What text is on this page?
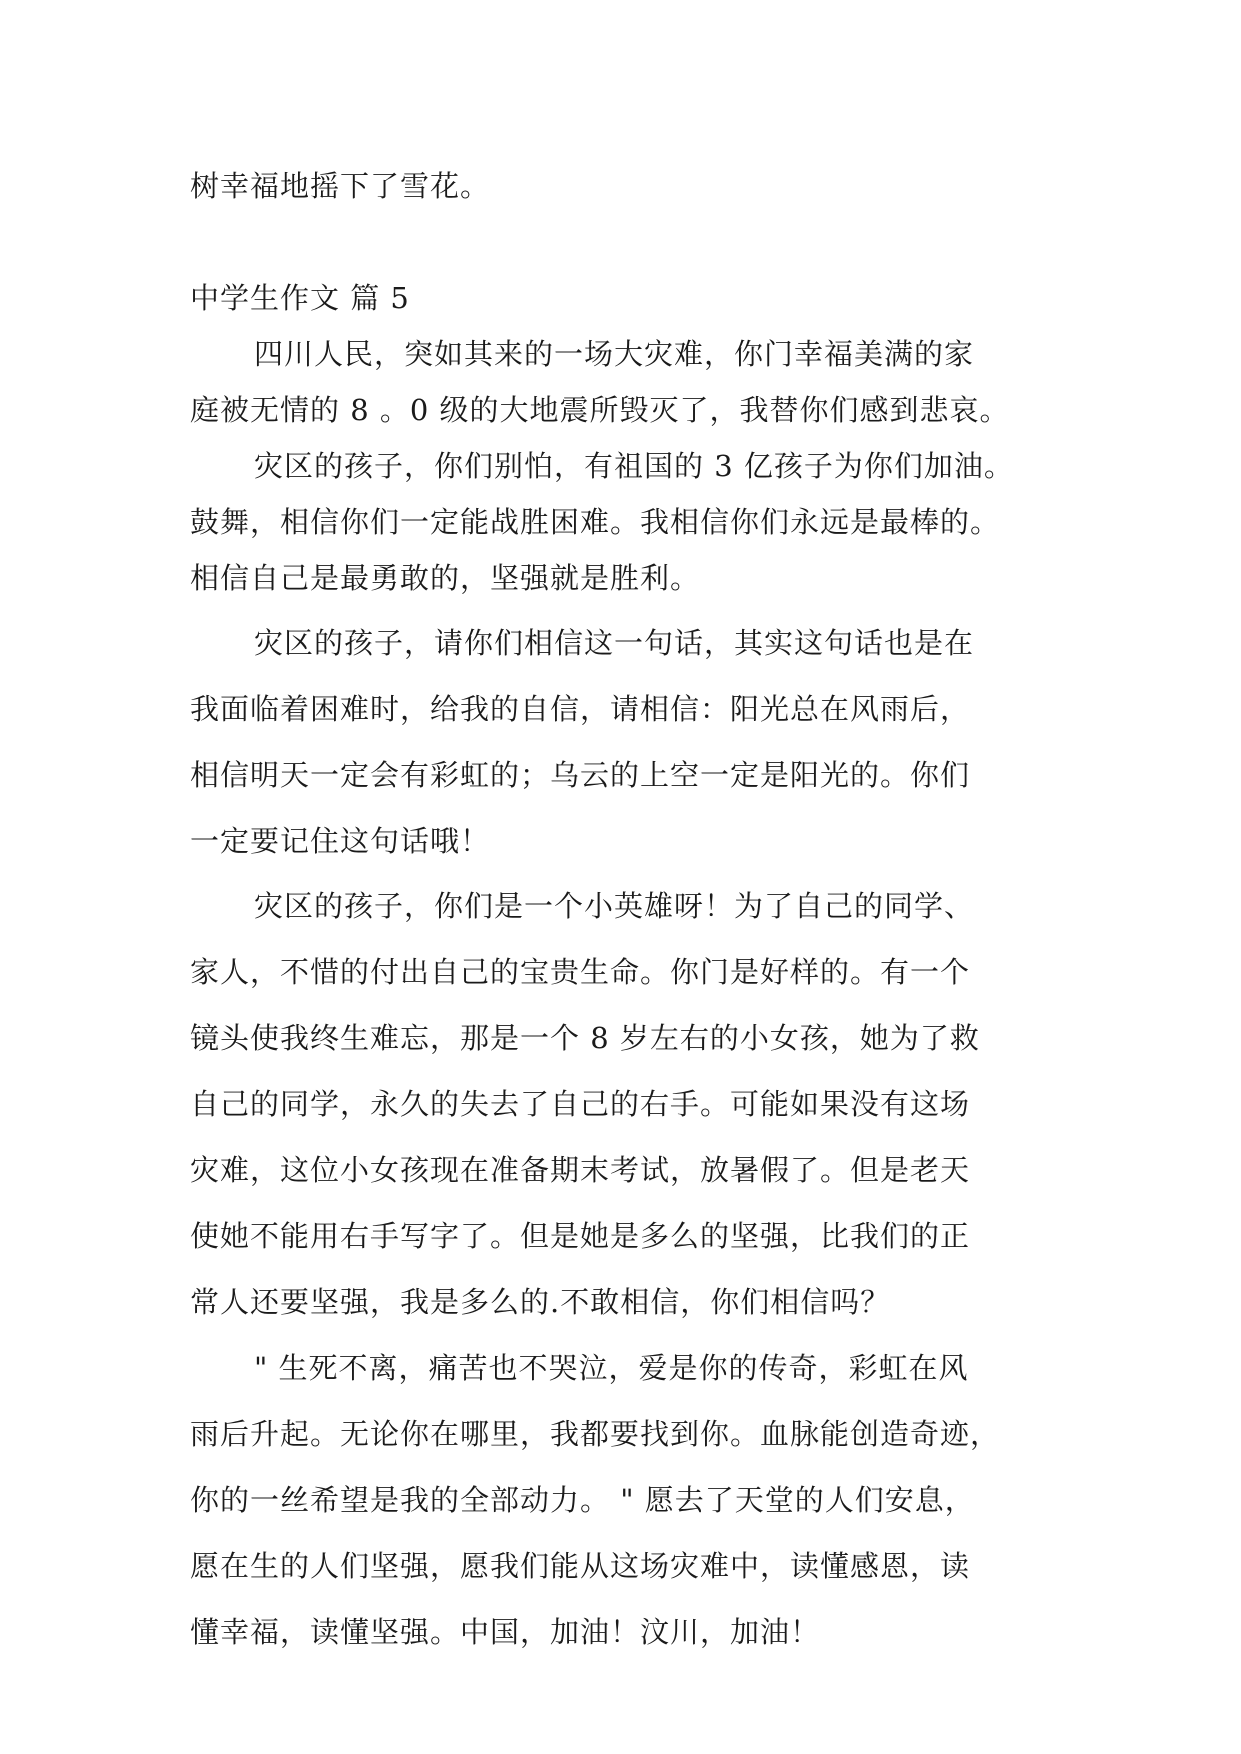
树幸福地摇下了雪花。
中学生作文 篇 5
四川人民，突如其来的一场大灾难，你门幸福美满的家
庭被无情的 8 。0 级的大地震所毁灭了，我替你们感到悲哀。
灾区的孩子，你们别怕，有祖国的 3 亿孩子为你们加油。
鼓舞，相信你们一定能战胜困难。我相信你们永远是最棒的。
相信自己是最勇敢的，坚强就是胜利。
灾区的孩子，请你们相信这一句话，其实这句话也是在
我面临着困难时，给我的自信，请相信：阳光总在风雨后，
相信明天一定会有彩虹的；乌云的上空一定是阳光的。你们
一定要记住这句话哦！
灾区的孩子，你们是一个小英雄呀！为了自己的同学、
家人，不惜的付出自己的宝贵生命。你门是好样的。有一个
镜头使我终生难忘，那是一个 8 岁左右的小女孩，她为了救
自己的同学，永久的失去了自己的右手。可能如果没有这场
灾难，这位小女孩现在准备期末考试，放暑假了。但是老天
使她不能用右手写字了。但是她是多么的坚强，比我们的正
常人还要坚强，我是多么的.不敢相信，你们相信吗？
" 生死不离，痛苦也不哭泣，爱是你的传奇，彩虹在风
雨后升起。无论你在哪里，我都要找到你。血脉能创造奇迹，
你的一丝希望是我的全部动力。 " 愿去了天堂的人们安息，
愿在生的人们坚强，愿我们能从这场灾难中，读懂感恩，读
懂幸福，读懂坚强。中国，加油！汶川，加油！
